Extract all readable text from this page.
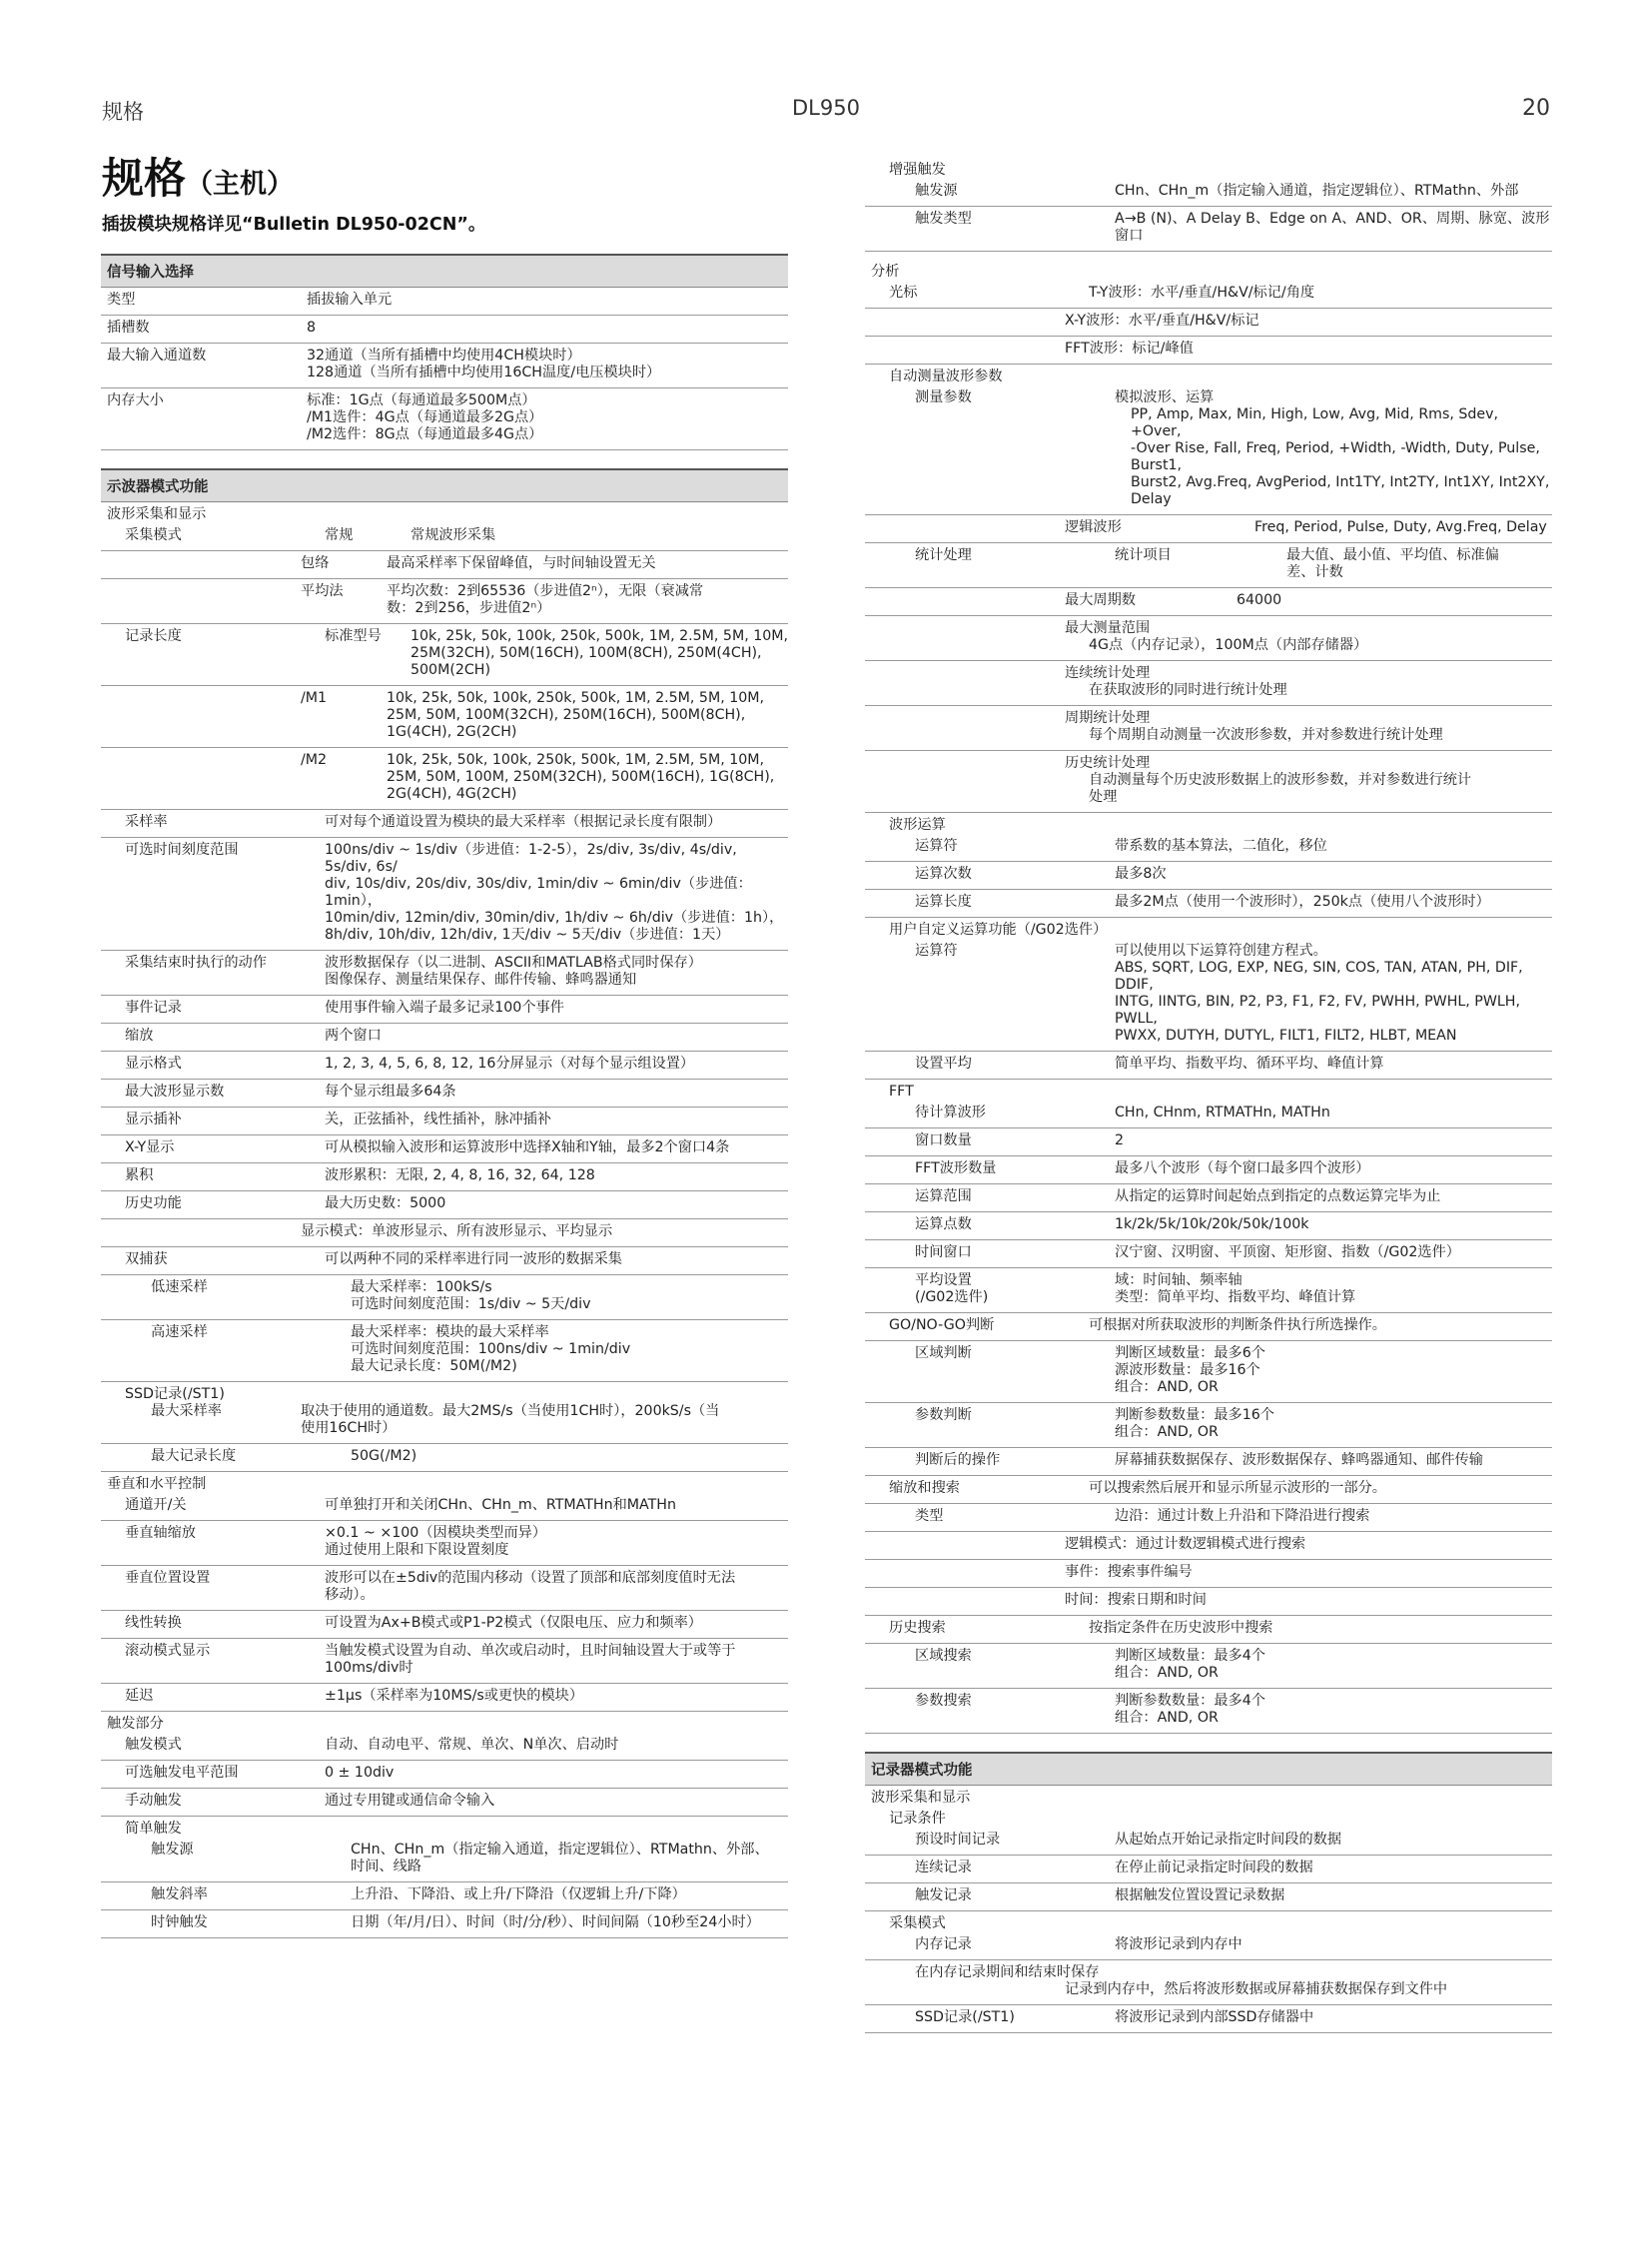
规格	DL950	20
规格（主机）
插拔模块规格详见“Bulletin DL950-02CN”。
信号输入选择
类型	插拔输入单元
插槽数	8
最大输入通道数	32通道（当所有插槽中均使用4CH模块时）
128通道（当所有插槽中均使用16CH温度/电压模块时）
内存大小	标准：1G点（每通道最多500M点）
/M1选件：4G点（每通道最多2G点）
/M2选件：8G点（每通道最多4G点）
示波器模式功能
波形采集和显示
采集模式	常规	常规波形采集
包络	最高采样率下保留峰值，与时间轴设置无关
平均法	平均次数：2到65536（步进值2ⁿ），无限（衰减常
数：2到256，步进值2ⁿ）
记录长度	标准型号	10k, 25k, 50k, 100k, 250k, 500k, 1M, 2.5M, 5M, 10M,
25M(32CH), 50M(16CH), 100M(8CH), 250M(4CH),
500M(2CH)
/M1	10k, 25k, 50k, 100k, 250k, 500k, 1M, 2.5M, 5M, 10M,
25M, 50M, 100M(32CH), 250M(16CH), 500M(8CH),
1G(4CH), 2G(2CH)
/M2	10k, 25k, 50k, 100k, 250k, 500k, 1M, 2.5M, 5M, 10M,
25M, 50M, 100M, 250M(32CH), 500M(16CH), 1G(8CH),
2G(4CH), 4G(2CH)
采样率	可对每个通道设置为模块的最大采样率（根据记录长度有限制）
可选时间刻度范围	100ns/div ~ 1s/div（步进值：1-2-5），2s/div, 3s/div, 4s/div, 5s/div, 6s/
div, 10s/div, 20s/div, 30s/div, 1min/div ~ 6min/div（步进值：1min），
10min/div, 12min/div, 30min/div, 1h/div ~ 6h/div（步进值：1h），
8h/div, 10h/div, 12h/div, 1天/div ~ 5天/div（步进值：1天）
采集结束时执行的动作	波形数据保存（以二进制、ASCII和MATLAB格式同时保存）
图像保存、测量结果保存、邮件传输、蜂鸣器通知
事件记录	使用事件输入端子最多记录100个事件
缩放	两个窗口
显示格式	1, 2, 3, 4, 5, 6, 8, 12, 16分屏显示（对每个显示组设置）
最大波形显示数	每个显示组最多64条
显示插补	关，正弦插补，线性插补，脉冲插补
X-Y显示	可从模拟输入波形和运算波形中选择X轴和Y轴，最多2个窗口4条
累积	波形累积：无限, 2, 4, 8, 16, 32, 64, 128
历史功能	最大历史数：5000
显示模式：单波形显示、所有波形显示、平均显示
双捕获	可以两种不同的采样率进行同一波形的数据采集
低速采样	最大采样率：100kS/s
可选时间刻度范围：1s/div ~ 5天/div
高速采样	最大采样率：模块的最大采样率
可选时间刻度范围：100ns/div ~ 1min/div
最大记录长度：50M(/M2)
SSD记录(/ST1)
最大采样率	取决于使用的通道数。最大2MS/s（当使用1CH时），200kS/s（当
使用16CH时）
最大记录长度	50G(/M2)
垂直和水平控制
通道开/关	可单独打开和关闭CHn、CHn_m、RTMATHn和MATHn
垂直轴缩放	×0.1 ~ ×100（因模块类型而异）
通过使用上限和下限设置刻度
垂直位置设置	波形可以在±5div的范围内移动（设置了顶部和底部刻度值时无法
移动）。
线性转换	可设置为Ax+B模式或P1-P2模式（仅限电压、应力和频率）
滚动模式显示	当触发模式设置为自动、单次或启动时，且时间轴设置大于或等于
100ms/div时
延迟	±1μs（采样率为10MS/s或更快的模块）
触发部分
触发模式	自动、自动电平、常规、单次、N单次、启动时
可选触发电平范围	0 ± 10div
手动触发	通过专用键或通信命令输入
简单触发
触发源	CHn、CHn_m（指定输入通道，指定逻辑位）、RTMathn、外部、
时间、线路
触发斜率	上升沿、下降沿、或上升/下降沿（仅逻辑上升/下降）
时钟触发	日期（年/月/日）、时间（时/分/秒）、时间间隔（10秒至24小时）
增强触发
触发源	CHn、CHn_m（指定输入通道，指定逻辑位）、RTMathn、外部
触发类型	A→B (N)、A Delay B、Edge on A、AND、OR、周期、脉宽、波形
窗口
分析
光标	T-Y波形：水平/垂直/H&V/标记/角度
X-Y波形：水平/垂直/H&V/标记
FFT波形：标记/峰值
自动测量波形参数
测量参数	模拟波形、运算
PP, Amp, Max, Min, High, Low, Avg, Mid, Rms, Sdev, +Over,
-Over Rise, Fall, Freq, Period, +Width, -Width, Duty, Pulse, Burst1,
Burst2, Avg.Freq, AvgPeriod, Int1TY, Int2TY, Int1XY, Int2XY, Delay
逻辑波形	Freq, Period, Pulse, Duty, Avg.Freq, Delay
统计处理	统计项目	最大值、最小值、平均值、标准偏
差、计数
最大周期数	64000
最大测量范围
4G点（内存记录），100M点（内部存储器）
连续统计处理
在获取波形的同时进行统计处理
周期统计处理
每个周期自动测量一次波形参数，并对参数进行统计处理
历史统计处理
自动测量每个历史波形数据上的波形参数，并对参数进行统计
处理
波形运算
运算符	带系数的基本算法，二值化，移位
运算次数	最多8次
运算长度	最多2M点（使用一个波形时），250k点（使用八个波形时）
用户自定义运算功能（/G02选件）
运算符	可以使用以下运算符创建方程式。
ABS, SQRT, LOG, EXP, NEG, SIN, COS, TAN, ATAN, PH, DIF, DDIF,
INTG, IINTG, BIN, P2, P3, F1, F2, FV, PWHH, PWHL, PWLH, PWLL,
PWXX, DUTYH, DUTYL, FILT1, FILT2, HLBT, MEAN
设置平均	简单平均、指数平均、循环平均、峰值计算
FFT
待计算波形	CHn, CHnm, RTMATHn, MATHn
窗口数量	2
FFT波形数量	最多八个波形（每个窗口最多四个波形）
运算范围	从指定的运算时间起始点到指定的点数运算完毕为止
运算点数	1k/2k/5k/10k/20k/50k/100k
时间窗口	汉宁窗、汉明窗、平顶窗、矩形窗、指数（/G02选件）
平均设置
(/G02选件)
域：时间轴、频率轴
类型：简单平均、指数平均、峰值计算
GO/NO-GO判断	可根据对所获取波形的判断条件执行所选操作。
区域判断	判断区域数量：最多6个
源波形数量：最多16个
组合：AND, OR
参数判断	判断参数数量：最多16个
组合：AND, OR
判断后的操作	屏幕捕获数据保存、波形数据保存、蜂鸣器通知、邮件传输
缩放和搜索	可以搜索然后展开和显示所显示波形的一部分。
类型	边沿：通过计数上升沿和下降沿进行搜索
逻辑模式：通过计数逻辑模式进行搜索
事件：搜索事件编号
时间：搜索日期和时间
历史搜索	按指定条件在历史波形中搜索
区域搜索	判断区域数量：最多4个
组合：AND, OR
参数搜索	判断参数数量：最多4个
组合：AND, OR
记录器模式功能
波形采集和显示
记录条件
预设时间记录	从起始点开始记录指定时间段的数据
连续记录	在停止前记录指定时间段的数据
触发记录	根据触发位置设置记录数据
采集模式
内存记录	将波形记录到内存中
在内存记录期间和结束时保存
记录到内存中，然后将波形数据或屏幕捕获数据保存到文件中
SSD记录(/ST1)	将波形记录到内部SSD存储器中
